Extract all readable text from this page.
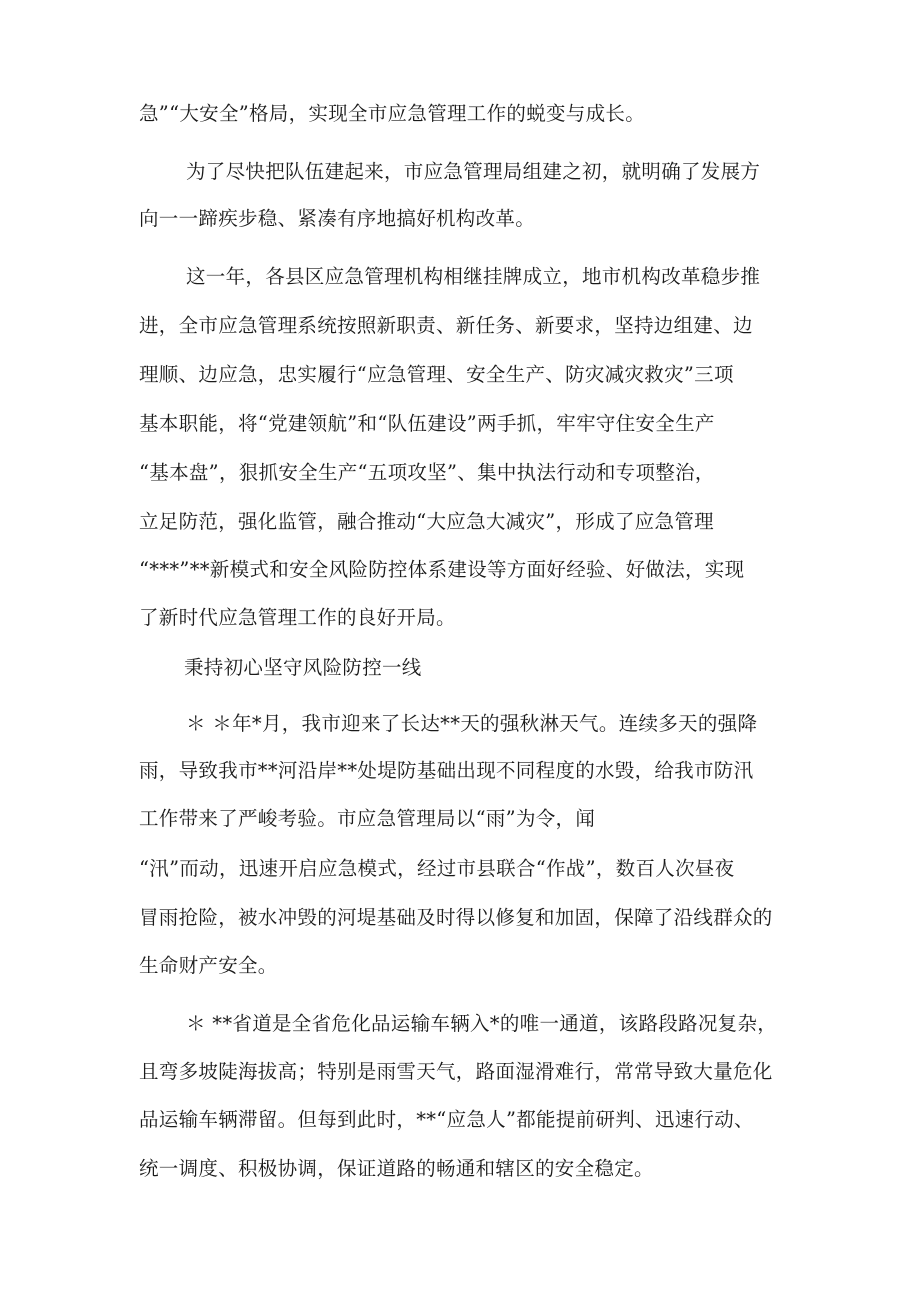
急”“大安全”格局，实现全市应急管理工作的蜕变与成长。
为了尽快把队伍建起来，市应急管理局组建之初，就明确了发展方
向一一蹄疾步稳、紧凑有序地搞好机构改革。
这一年，各县区应急管理机构相继挂牌成立，地市机构改革稳步推
进，全市应急管理系统按照新职责、新任务、新要求，坚持边组建、边
理顺、边应急，忠实履行“应急管理、安全生产、防灾减灾救灾”三项
基本职能，将“党建领航”和“队伍建设”两手抓，牢牢守住安全生产
“基本盘”，狠抓安全生产“五项攻坚”、集中执法行动和专项整治，
立足防范，强化监管，融合推动“大应急大减灾”，形成了应急管理
“***”**新模式和安全风险防控体系建设等方面好经验、好做法，实现
了新时代应急管理工作的良好开局。
秉持初心坚守风险防控一线
＊ ＊年*月，我市迎来了长达**天的强秋淋天气。连续多天的强降
雨，导致我市**河沿岸**处堤防基础出现不同程度的水毁，给我市防汛
工作带来了严峻考验。市应急管理局以“雨”为令，闻
“汛”而动，迅速开启应急模式，经过市县联合“作战”，数百人次昼夜
冒雨抢险，被水冲毁的河堤基础及时得以修复和加固，保障了沿线群众的
生命财产安全。
＊ **省道是全省危化品运输车辆入*的唯一通道，该路段路况复杂，
且弯多坡陡海拔高；特别是雨雪天气，路面湿滑难行，常常导致大量危化
品运输车辆滞留。但每到此时，**“应急人”都能提前研判、迅速行动、
统一调度、积极协调，保证道路的畅通和辖区的安全稳定。
